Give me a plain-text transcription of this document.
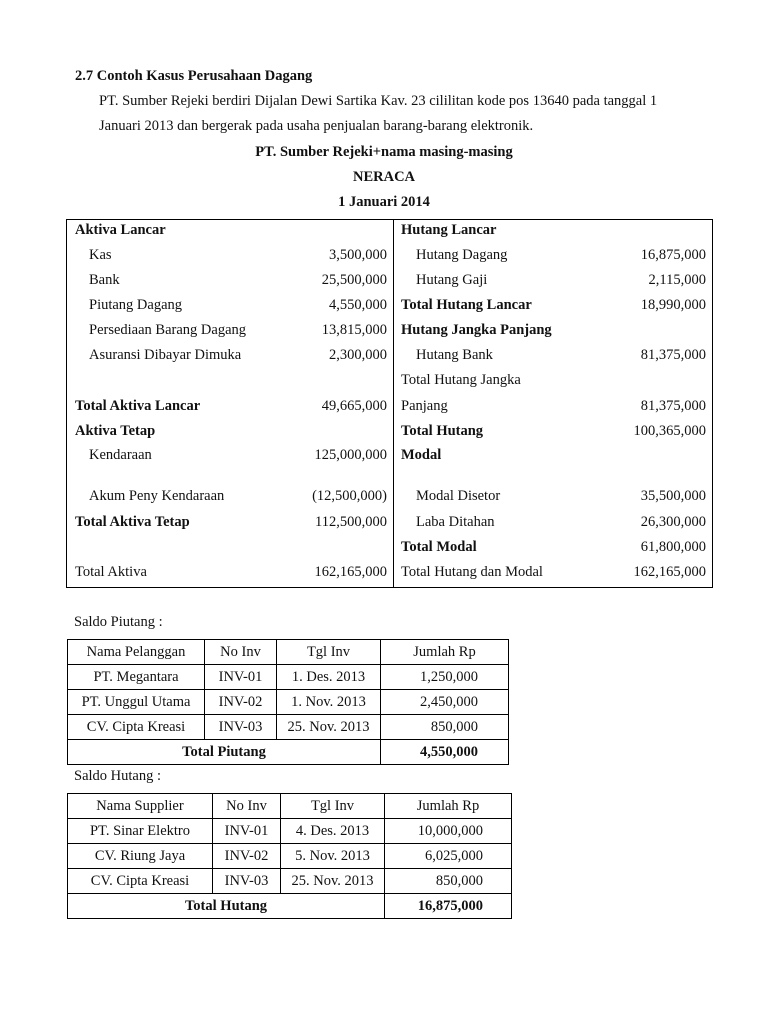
2.7 Contoh Kasus Perusahaan Dagang
PT. Sumber Rejeki berdiri Dijalan Dewi Sartika Kav. 23 cililitan kode pos 13640 pada tanggal 1
Januari 2013 dan bergerak pada usaha penjualan barang-barang elektronik.
PT. Sumber Rejeki+nama masing-masing
NERACA
1 Januari 2014
Aktiva Lancar
Kas	3,500,000
Bank	25,500,000
Piutang Dagang	4,550,000
Persediaan Barang Dagang	13,815,000
Asuransi Dibayar Dimuka	2,300,000
Total Aktiva Lancar	49,665,000
Aktiva Tetap
Kendaraan	125,000,000
Akum Peny Kendaraan	(12,500,000)
Total Aktiva Tetap	112,500,000
Total Aktiva	162,165,000
Hutang Lancar
Hutang Dagang	16,875,000
Hutang Gaji	2,115,000
Total Hutang Lancar	18,990,000
Hutang Jangka Panjang
Hutang Bank	81,375,000
Total Hutang Jangka
Panjang	81,375,000
Total Hutang	100,365,000
Modal
Modal Disetor	35,500,000
Laba Ditahan	26,300,000
Total Modal	61,800,000
Total Hutang dan Modal	162,165,000
Saldo Piutang :
Nama Pelanggan	No Inv	Tgl Inv	Jumlah Rp
PT. Megantara	INV-01	1. Des. 2013	1,250,000
PT. Unggul Utama	INV-02	1. Nov. 2013	2,450,000
CV. Cipta Kreasi	INV-03	25. Nov. 2013	850,000
Total Piutang			4,550,000
Saldo Hutang :
Nama Supplier	No Inv	Tgl Inv	Jumlah Rp
PT. Sinar Elektro	INV-01	4. Des. 2013	10,000,000
CV. Riung Jaya	INV-02	5. Nov. 2013	6,025,000
CV. Cipta Kreasi	INV-03	25. Nov. 2013	850,000
Total Hutang			16,875,000
